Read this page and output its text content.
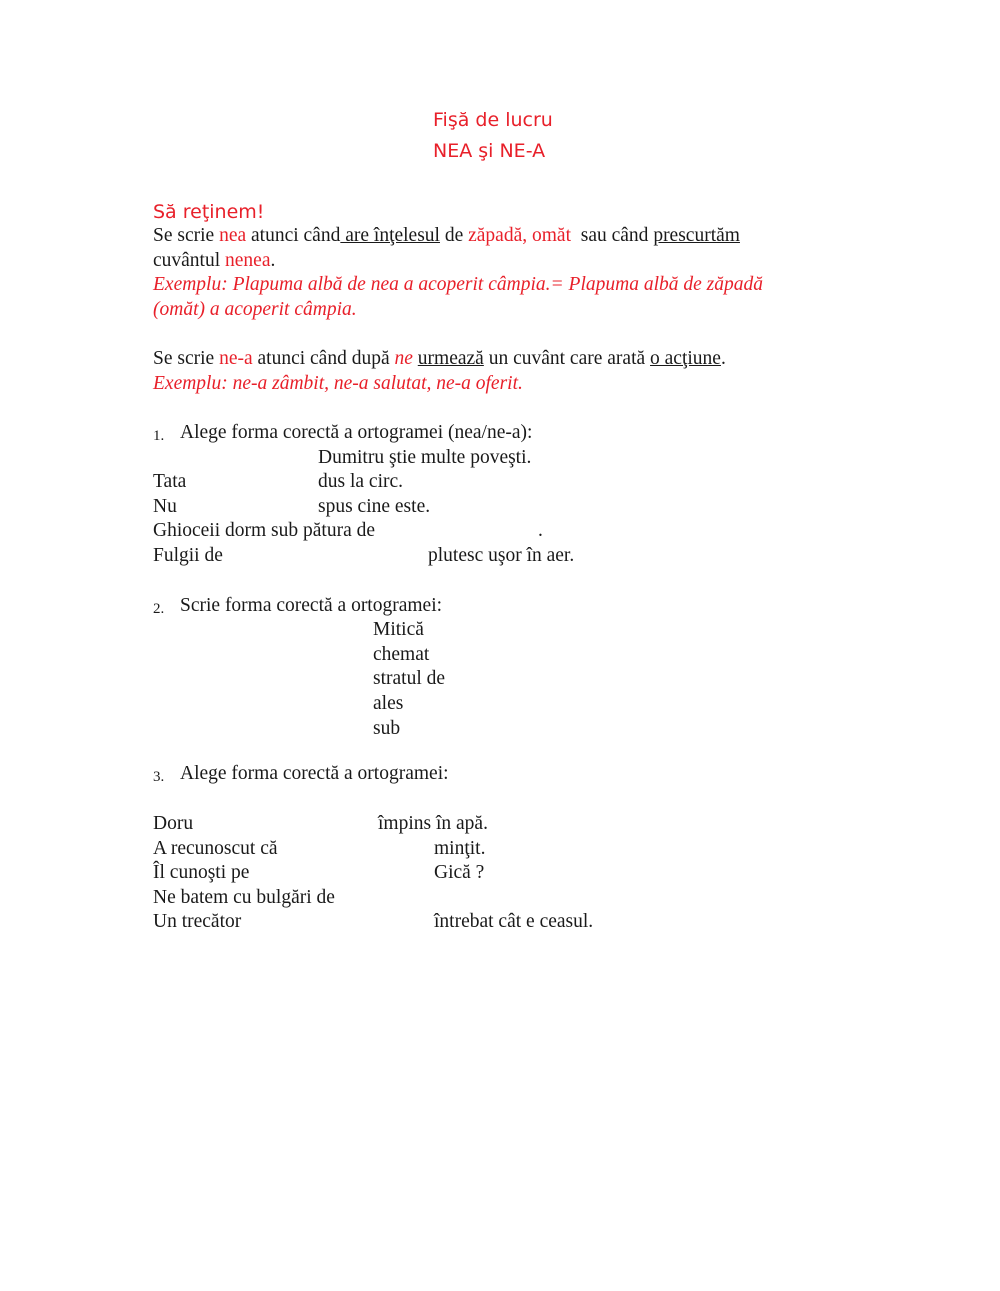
Fişă de lucru
NEA şi NE-A
Să reţinem!
Se scrie nea atunci când are înţelesul de zăpadă, omăt  sau când prescurtăm
cuvântul nenea.
Exemplu: Plapuma albă de nea a acoperit câmpia.= Plapuma albă de zăpadă
(omăt) a acoperit câmpia.
Se scrie ne-a atunci când după ne urmează un cuvânt care arată o acţiune.
Exemplu: ne-a zâmbit, ne-a salutat, ne-a oferit.
1. Alege forma corectă a ortogramei (nea/ne-a):
Dumitru ştie multe poveşti.
Tata	dus la circ.
Nu	spus cine este.
Ghioceii dorm sub pătura de	.
Fulgii de	plutesc uşor în aer.
2. Scrie forma corectă a ortogramei:
Mitică
chemat
stratul de
ales
sub
3. Alege forma corectă a ortogramei:
Doru	împins în apă.
A recunoscut că	minţit.
Îl cunoşti pe	Gică ?
Ne batem cu bulgări de
Un trecător	întrebat cât e ceasul.
